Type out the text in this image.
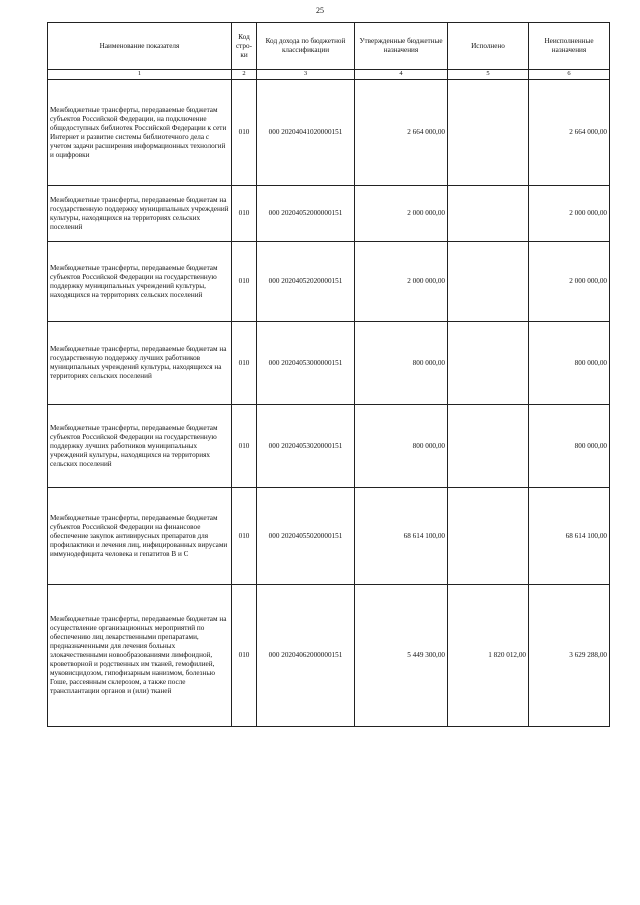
25
Наименование показателя	Код стро-ки	Код дохода по бюджетной классификации	Утвержденные бюджетные назначения	Исполнено	Неисполненные назначения
1	2	3	4	5	6
Межбюджетные трансферты, передаваемые бюджетам субъектов Российской Федерации, на подключение общедоступных библиотек Российской Федерации к сети Интернет и развитие системы библиотечного дела с учетом задачи расширения информационных технологий и оцифровки	010	000 20204041020000151	2 664 000,00		2 664 000,00
Межбюджетные трансферты, передаваемые бюджетам на государственную поддержку муниципальных учреждений культуры, находящихся на территориях сельских поселений	010	000 20204052000000151	2 000 000,00		2 000 000,00
Межбюджетные трансферты, передаваемые бюджетам субъектов Российской Федерации на государственную поддержку муниципальных учреждений культуры, находящихся на территориях сельских поселений	010	000 20204052020000151	2 000 000,00		2 000 000,00
Межбюджетные трансферты, передаваемые бюджетам на государственную поддержку лучших работников муниципальных учреждений культуры, находящихся на территориях сельских поселений	010	000 20204053000000151	800 000,00		800 000,00
Межбюджетные трансферты, передаваемые бюджетам субъектов Российской Федерации на государственную поддержку лучших работников муниципальных учреждений культуры, находящихся на территориях сельских поселений	010	000 20204053020000151	800 000,00		800 000,00
Межбюджетные трансферты, передаваемые бюджетам субъектов Российской Федерации на финансовое обеспечение закупок антивирусных препаратов для профилактики и лечения лиц, инфицированных вирусами иммунодефицита человека и гепатитов B и C	010	000 20204055020000151	68 614 100,00		68 614 100,00
Межбюджетные трансферты, передаваемые бюджетам на осуществление организационных мероприятий по обеспечению лиц лекарственными препаратами, предназначенными для лечения больных злокачественными новообразованиями лимфоидной, кроветворной и родственных им тканей, гемофилией, муковисцидозом, гипофизарным нанизмом, болезнью Гоше, рассеянным склерозом, а также после трансплантации органов и (или) тканей	010	000 20204062000000151	5 449 300,00	1 820 012,00	3 629 288,00
